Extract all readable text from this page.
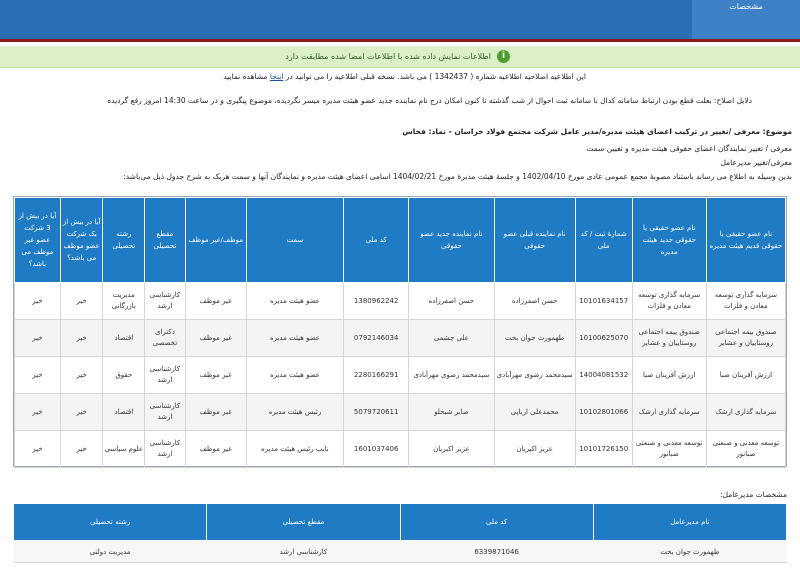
مشخصات
i
اطلاعات نمایش داده شده با اطلاعات امضا شده مطابقت دارد
این اطلاعیه اصلاحیه اطلاعیه شماره ( 1342437 ) می باشد. نسخه قبلی اطلاعیه را می توانید در اینجا مشاهده نمایید
دلایل اصلاح: بعلت قطع بودن ارتباط سامانه کدال با سامانه ثبت احوال از شب گذشته تا کنون امکان درج نام نماینده جدید عضو هیئت مدیره میسر نگردیده، موضوع پیگیری و در ساعت 14:30 امروز رفع گردیده
موضوع: معرفی /تغییر در ترکیب اعضای هیئت مدیره/مدیر عامل شرکت مجتمع فولاد خراسان - نماد: فخاس
معرفی / تغییر نمایندگان اعضای حقوقی هیئت مدیره و تعیین سمت
معرفی/تغییر مدیرعامل
بدین وسیله به اطلاع می رساند باستناد مصوبۀ مجمع عمومی عادی مورخ 1402/04/10 و جلسۀ هیئت مدیرۀ مورخ 1404/02/21 اسامی اعضای هیئت مدیره و نمایندگان آنها و سمت هریک به شرح جدول ذیل می‌باشد:
نام عضو حقیقی یا حقوقی قدیم هیئت مدیره	نام عضو حقیقی یا حقوقی جدید هیئت مدیره	شمارۀ ثبت / کد ملی	نام نماینده قبلی عضو حقوقی	نام نماینده جدید عضو حقوقی	کد ملی	سمت	موظف/غیر موظف	مقطع تحصیلی	رشته تحصیلی	آیا در بیش از یک شرکت عضو موظف می باشد؟	آیا در بیش از 3 شرکت عضو غیر موظف می باشد؟
سرمایه گذاری توسعه معادن و فلزات	سرمایه گذاری توسعه معادن و فلزات	10101634157	حسن اصفرزاده	حسن اصفرزاده	1380962242	عضو هیئت مدیره	غیر موظف	کارشناسی ارشد	مدیریت بازرگانی	خیر	خیر
صندوق بیمه اجتماعی روستاییان و عشایر	صندوق بیمه اجتماعی روستاییان و عشایر	10100625070	طهمورث جوان بخت	علی چشمی	0792146034	عضو هیئت مدیره	غیر موظف	دکترای تخصصی	اقتصاد	خیر	خیر
ارزش آفرینان صبا	ارزش آفرینان صبا	14004081532	سیدمحمد رضوی مهرآبادی	سیدمحمد رضوی مهرآبادی	2280166291	عضو هیئت مدیره	غیر موظف	کارشناسی ارشد	حقوق	خیر	خیر
سرمایه گذاری ارشک	سرمایه گذاری ارشک	10102801066	محمدعلی ارباپی	صابر شیخلو	5079720611	رئیس هیئت مدیره	غیر موظف	کارشناسی ارشد	اقتصاد	خیر	خیر
توسعه معدنی و صنعتی صبانور	توسعه معدنی و صنعتی صبانور	10101726150	عزیز اکبریان	عزیز اکبریان	1601037406	نایب رئیس هیئت مدیره	غیر موظف	کارشناسی ارشد	علوم سیاسی	خیر	خیر
مشخصات مدیرعامل:
نام مدیرعامل	کد ملی	مقطع تحصیلی	رشته تحصیلی
طهمورث جوان بخت	6339871046	کارشناسی ارشد	مدیریت دولتی
